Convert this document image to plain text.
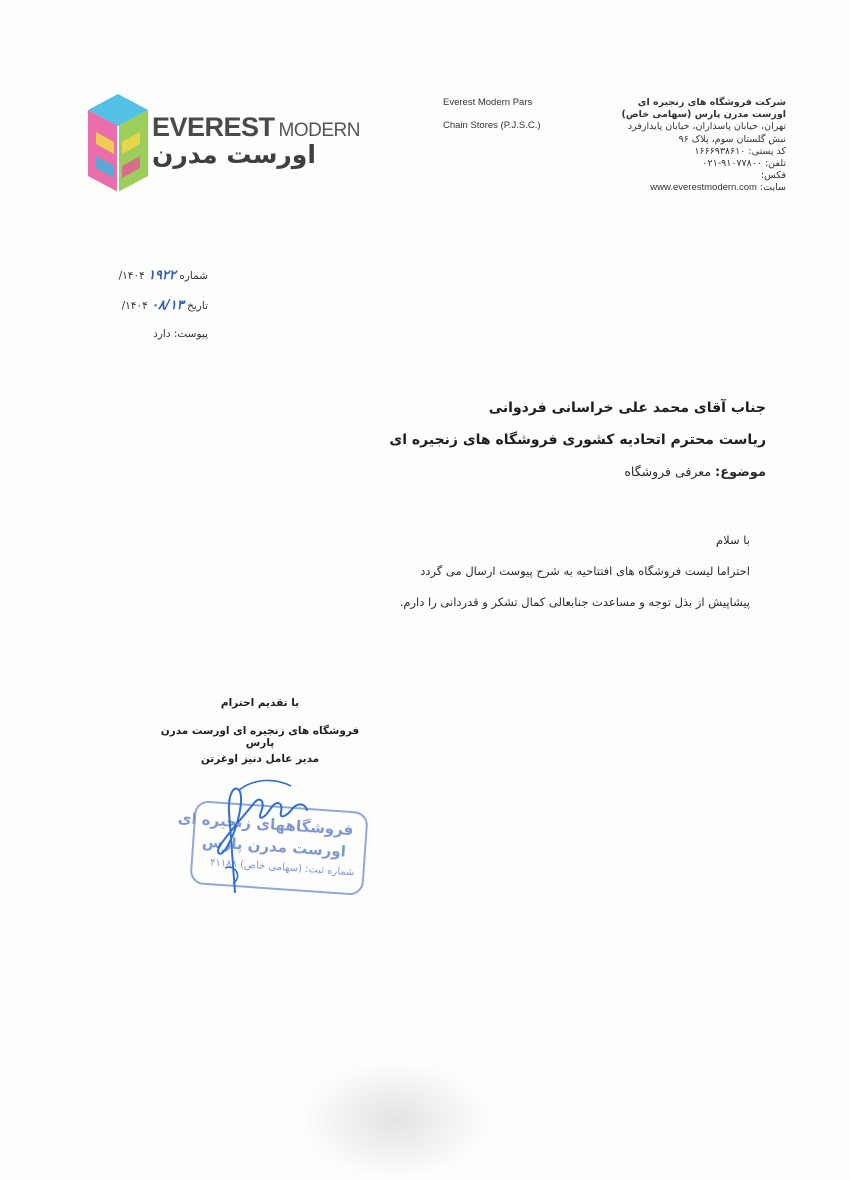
EVEREST MODERN
اورست مدرن
Everest Modern Pars
Chain Stores (P.J.S.C.)
شرکت فروشگاه های زنجیره ای
اورست مدرن پارس (سهامی خاص)
تهران، خیابان پاسداران، خیابان پایدارفرد
نبش گلستان سوم، پلاک ۹۶
کد پستی: ۱۶۶۶۹۳۸۶۱۰
تلفن: ۹۱۰۷۷۸۰۰-۰۲۱
فکس:
سایت: www.everestmodern.com
شماره ۱۹۲۲ ۱۴۰۴/
تاریخ ۰۸/۱۳ ۱۴۰۴/
پیوست: دارد
جناب آقای محمد علی خراسانی فردوانی
ریاست محترم اتحادیه کشوری فروشگاه های زنجیره ای
موضوع: معرفی فروشگاه
با سلام
احتراما لیست فروشگاه های افتتاحیه به شرح پیوست ارسال می گردد
پیشاپیش از بذل توجه و مساعدت جنابعالی کمال تشکر و قدردانی را دارم.
با تقدیم احترام
فروشگاه های زنجیره ای اورست مدرن پارس
مدیر عامل دنیز اوغرتن
فروشگاههای زنجیره ای
اورست مدرن پارس
شماره ثبت: (سهامی خاص) ۴۱۱۸۸
